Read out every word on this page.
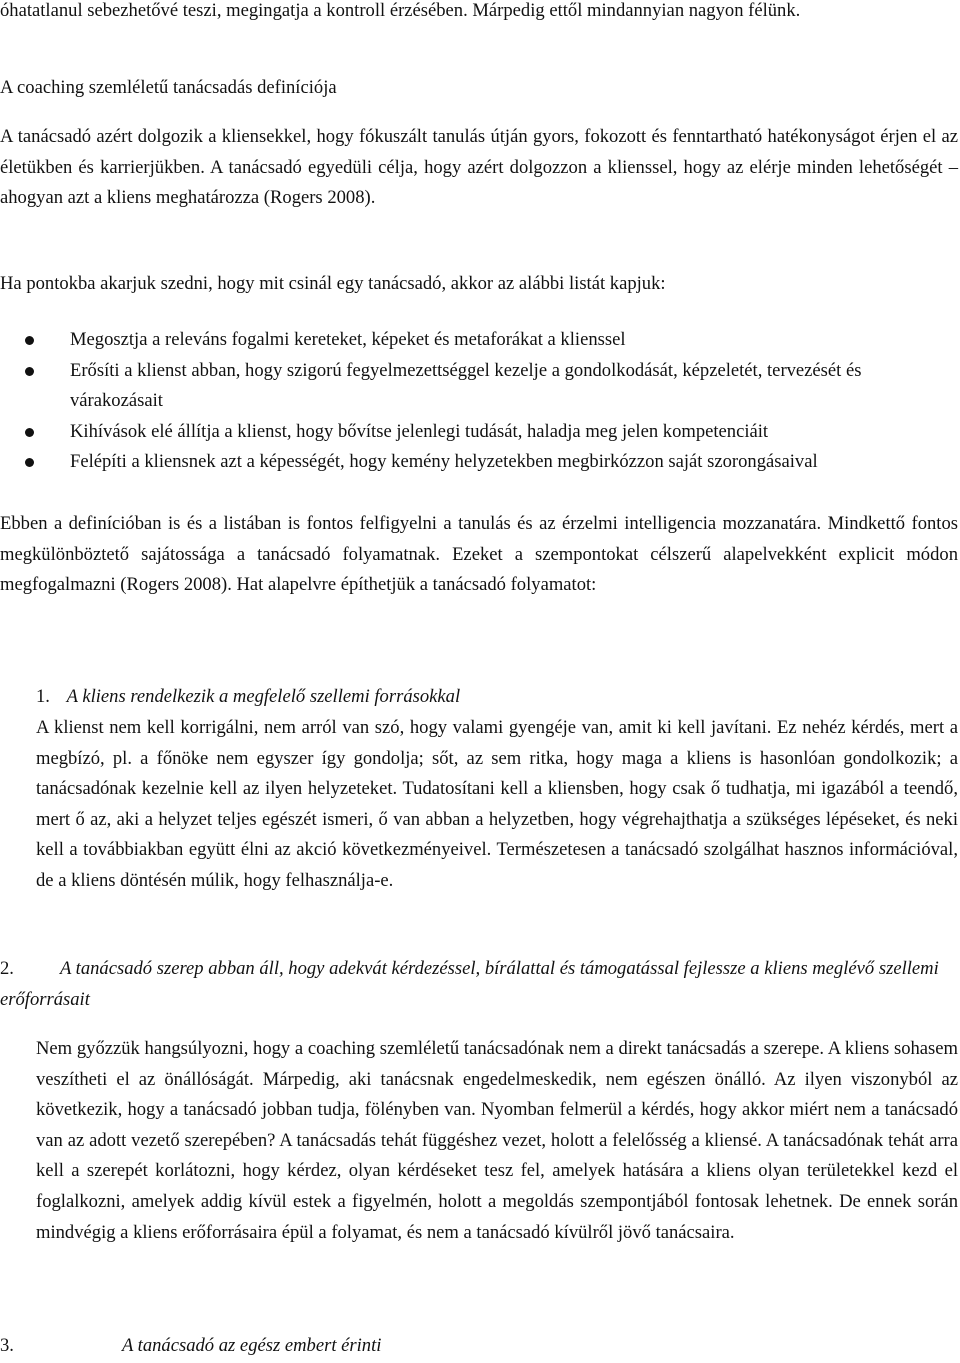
óhatatlanul sebezhetővé teszi, megingatja a kontroll érzésében. Márpedig ettől mindannyian nagyon félünk.

A coaching szemléletű tanácsadás definíciója

A tanácsadó azért dolgozik a kliensekkel, hogy fókuszált tanulás útján gyors, fokozott és fenntartható hatékonyságot érjen el az életükben és karrierjükben. A tanácsadó egyedüli célja, hogy azért dolgozzon a klienssel, hogy az elérje minden lehetőségét – ahogyan azt a kliens meghatározza (Rogers 2008).

Ha pontokba akarjuk szedni, hogy mit csinál egy tanácsadó, akkor az alábbi listát kapjuk:

Megosztja a releváns fogalmi kereteket, képeket és metaforákat a klienssel
Erősíti a klienst abban, hogy szigorú fegyelmezettséggel kezelje a gondolkodását, képzeletét, tervezését és várakozásait
Kihívások elé állítja a klienst, hogy bővítse jelenlegi tudását, haladja meg jelen kompetenciáit
Felépíti a kliensnek azt a képességét, hogy kemény helyzetekben megbirkózzon saját szorongásaival

Ebben a definícióban is és a listában is fontos felfigyelni a tanulás és az érzelmi intelligencia mozzanatára. Mindkettő fontos megkülönböztető sajátossága a tanácsadó folyamatnak. Ezeket a szempontokat célszerű alapelvekként explicit módon megfogalmazni (Rogers 2008). Hat alapelvre építhetjük a tanácsadó folyamatot:

1. A kliens rendelkezik a megfelelő szellemi forrásokkal

A klienst nem kell korrigálni, nem arról van szó, hogy valami gyengéje van, amit ki kell javítani. Ez nehéz kérdés, mert a megbízó, pl. a főnöke nem egyszer így gondolja; sőt, az sem ritka, hogy maga a kliens is hasonlóan gondolkozik; a tanácsadónak kezelnie kell az ilyen helyzeteket. Tudatosítani kell a kliensben, hogy csak ő tudhatja, mi igazából a teendő, mert ő az, aki a helyzet teljes egészét ismeri, ő van abban a helyzetben, hogy végrehajthatja a szükséges lépéseket, és neki kell a továbbiakban együtt élni az akció következményeivel. Természetesen a tanácsadó szolgálhat hasznos információval, de a kliens döntésén múlik, hogy felhasználja-e.

2. A tanácsadó szerep abban áll, hogy adekvát kérdezéssel, bírálattal és támogatással fejlessze a kliens meglévő szellemi erőforrásait

Nem győzzük hangsúlyozni, hogy a coaching szemléletű tanácsadónak nem a direkt tanácsadás a szerepe. A kliens sohasem veszítheti el az önállóságát. Márpedig, aki tanácsnak engedelmeskedik, nem egészen önálló. Az ilyen viszonyból az következik, hogy a tanácsadó jobban tudja, fölényben van. Nyomban felmerül a kérdés, hogy akkor miért nem a tanácsadó van az adott vezető szerepében? A tanácsadás tehát függéshez vezet, holott a felelősség a kliensé. A tanácsadónak tehát arra kell a szerepét korlátozni, hogy kérdez, olyan kérdéseket tesz fel, amelyek hatására a kliens olyan területekkel kezd el foglalkozni, amelyek addig kívül estek a figyelmén, holott a megoldás szempontjából fontosak lehetnek. De ennek során mindvégig a kliens erőforrásaira épül a folyamat, és nem a tanácsadó kívülről jövő tanácsaira.

3.	A tanácsadó az egész embert érinti
